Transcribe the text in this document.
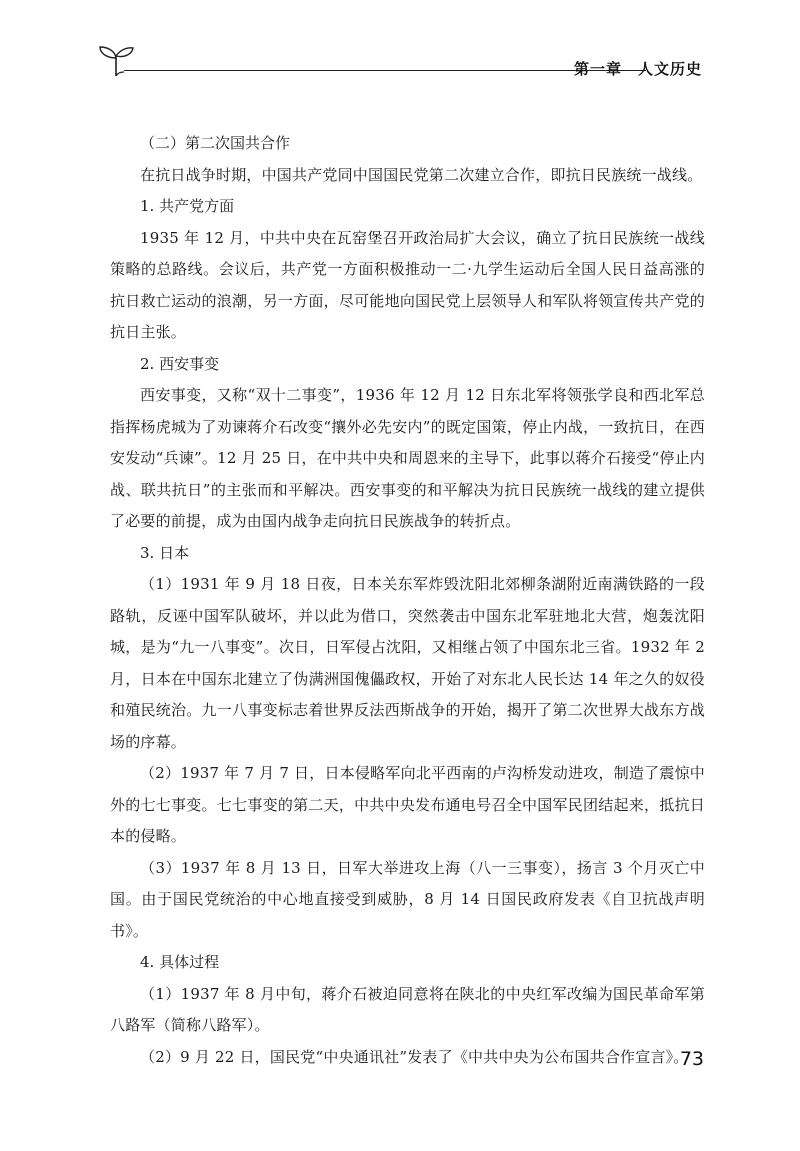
第一章　人文历史

（二）第二次国共合作

在抗日战争时期，中国共产党同中国国民党第二次建立合作，即抗日民族统一战线。

1. 共产党方面

1935 年 12 月，中共中央在瓦窑堡召开政治局扩大会议，确立了抗日民族统一战线策略的总路线。会议后，共产党一方面积极推动一二·九学生运动后全国人民日益高涨的抗日救亡运动的浪潮，另一方面，尽可能地向国民党上层领导人和军队将领宣传共产党的抗日主张。

2. 西安事变

西安事变，又称“双十二事变”，1936 年 12 月 12 日东北军将领张学良和西北军总指挥杨虎城为了劝谏蒋介石改变“攘外必先安内”的既定国策，停止内战，一致抗日，在西安发动“兵谏”。12 月 25 日，在中共中央和周恩来的主导下，此事以蒋介石接受“停止内战、联共抗日”的主张而和平解决。西安事变的和平解决为抗日民族统一战线的建立提供了必要的前提，成为由国内战争走向抗日民族战争的转折点。

3. 日本

（1）1931 年 9 月 18 日夜，日本关东军炸毁沈阳北郊柳条湖附近南满铁路的一段路轨，反诬中国军队破坏，并以此为借口，突然袭击中国东北军驻地北大营，炮轰沈阳城，是为“九一八事变”。次日，日军侵占沈阳，又相继占领了中国东北三省。1932 年 2 月，日本在中国东北建立了伪满洲国傀儡政权，开始了对东北人民长达 14 年之久的奴役和殖民统治。九一八事变标志着世界反法西斯战争的开始，揭开了第二次世界大战东方战场的序幕。

（2）1937 年 7 月 7 日，日本侵略军向北平西南的卢沟桥发动进攻，制造了震惊中外的七七事变。七七事变的第二天，中共中央发布通电号召全中国军民团结起来，抵抗日本的侵略。

（3）1937 年 8 月 13 日，日军大举进攻上海（八一三事变），扬言 3 个月灭亡中国。由于国民党统治的中心地直接受到威胁，8 月 14 日国民政府发表《自卫抗战声明书》。

4. 具体过程

（1）1937 年 8 月中旬，蒋介石被迫同意将在陕北的中央红军改编为国民革命军第八路军（简称八路军）。

（2）9 月 22 日，国民党“中央通讯社”发表了《中共中央为公布国共合作宣言》。

73
